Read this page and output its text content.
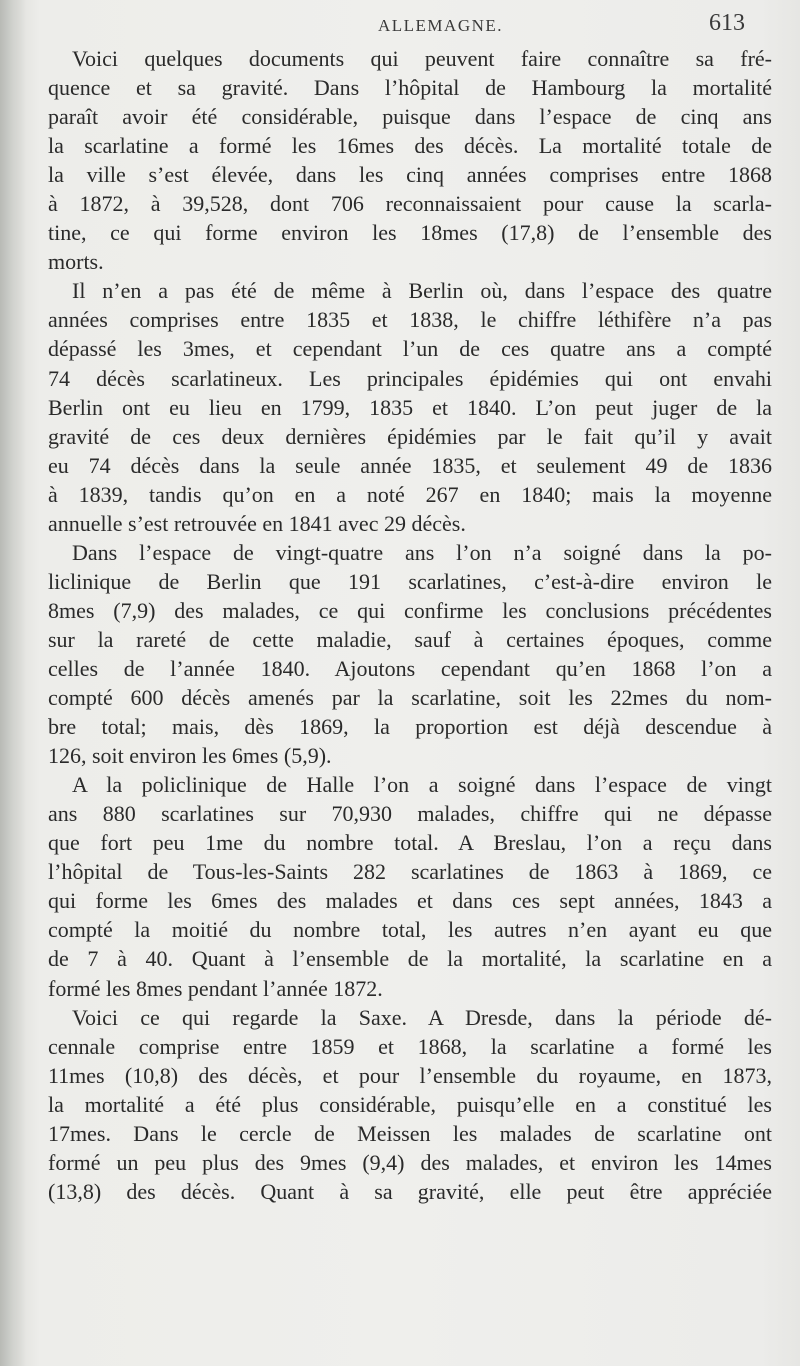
ALLEMAGNE.	613
Voici quelques documents qui peuvent faire connaître sa fré-
quence et sa gravité. Dans l’hôpital de Hambourg la mortalité
paraît avoir été considérable, puisque dans l’espace de cinq ans
la scarlatine a formé les 16mes des décès. La mortalité totale de
la ville s’est élevée, dans les cinq années comprises entre 1868
à 1872, à 39,528, dont 706 reconnaissaient pour cause la scarla-
tine, ce qui forme environ les 18mes (17,8) de l’ensemble des
morts.
Il n’en a pas été de même à Berlin où, dans l’espace des quatre
années comprises entre 1835 et 1838, le chiffre léthifère n’a pas
dépassé les 3mes, et cependant l’un de ces quatre ans a compté
74 décès scarlatineux. Les principales épidémies qui ont envahi
Berlin ont eu lieu en 1799, 1835 et 1840. L’on peut juger de la
gravité de ces deux dernières épidémies par le fait qu’il y avait
eu 74 décès dans la seule année 1835, et seulement 49 de 1836
à 1839, tandis qu’on en a noté 267 en 1840; mais la moyenne
annuelle s’est retrouvée en 1841 avec 29 décès.
Dans l’espace de vingt-quatre ans l’on n’a soigné dans la po-
liclinique de Berlin que 191 scarlatines, c’est-à-dire environ le
8mes (7,9) des malades, ce qui confirme les conclusions précédentes
sur la rareté de cette maladie, sauf à certaines époques, comme
celles de l’année 1840. Ajoutons cependant qu’en 1868 l’on a
compté 600 décès amenés par la scarlatine, soit les 22mes du nom-
bre total; mais, dès 1869, la proportion est déjà descendue à
126, soit environ les 6mes (5,9).
A la policlinique de Halle l’on a soigné dans l’espace de vingt
ans 880 scarlatines sur 70,930 malades, chiffre qui ne dépasse
que fort peu 1me du nombre total. A Breslau, l’on a reçu dans
l’hôpital de Tous-les-Saints 282 scarlatines de 1863 à 1869, ce
qui forme les 6mes des malades et dans ces sept années, 1843 a
compté la moitié du nombre total, les autres n’en ayant eu que
de 7 à 40. Quant à l’ensemble de la mortalité, la scarlatine en a
formé les 8mes pendant l’année 1872.
Voici ce qui regarde la Saxe. A Dresde, dans la période dé-
cennale comprise entre 1859 et 1868, la scarlatine a formé les
11mes (10,8) des décès, et pour l’ensemble du royaume, en 1873,
la mortalité a été plus considérable, puisqu’elle en a constitué les
17mes. Dans le cercle de Meissen les malades de scarlatine ont
formé un peu plus des 9mes (9,4) des malades, et environ les 14mes
(13,8) des décès. Quant à sa gravité, elle peut être appréciée
